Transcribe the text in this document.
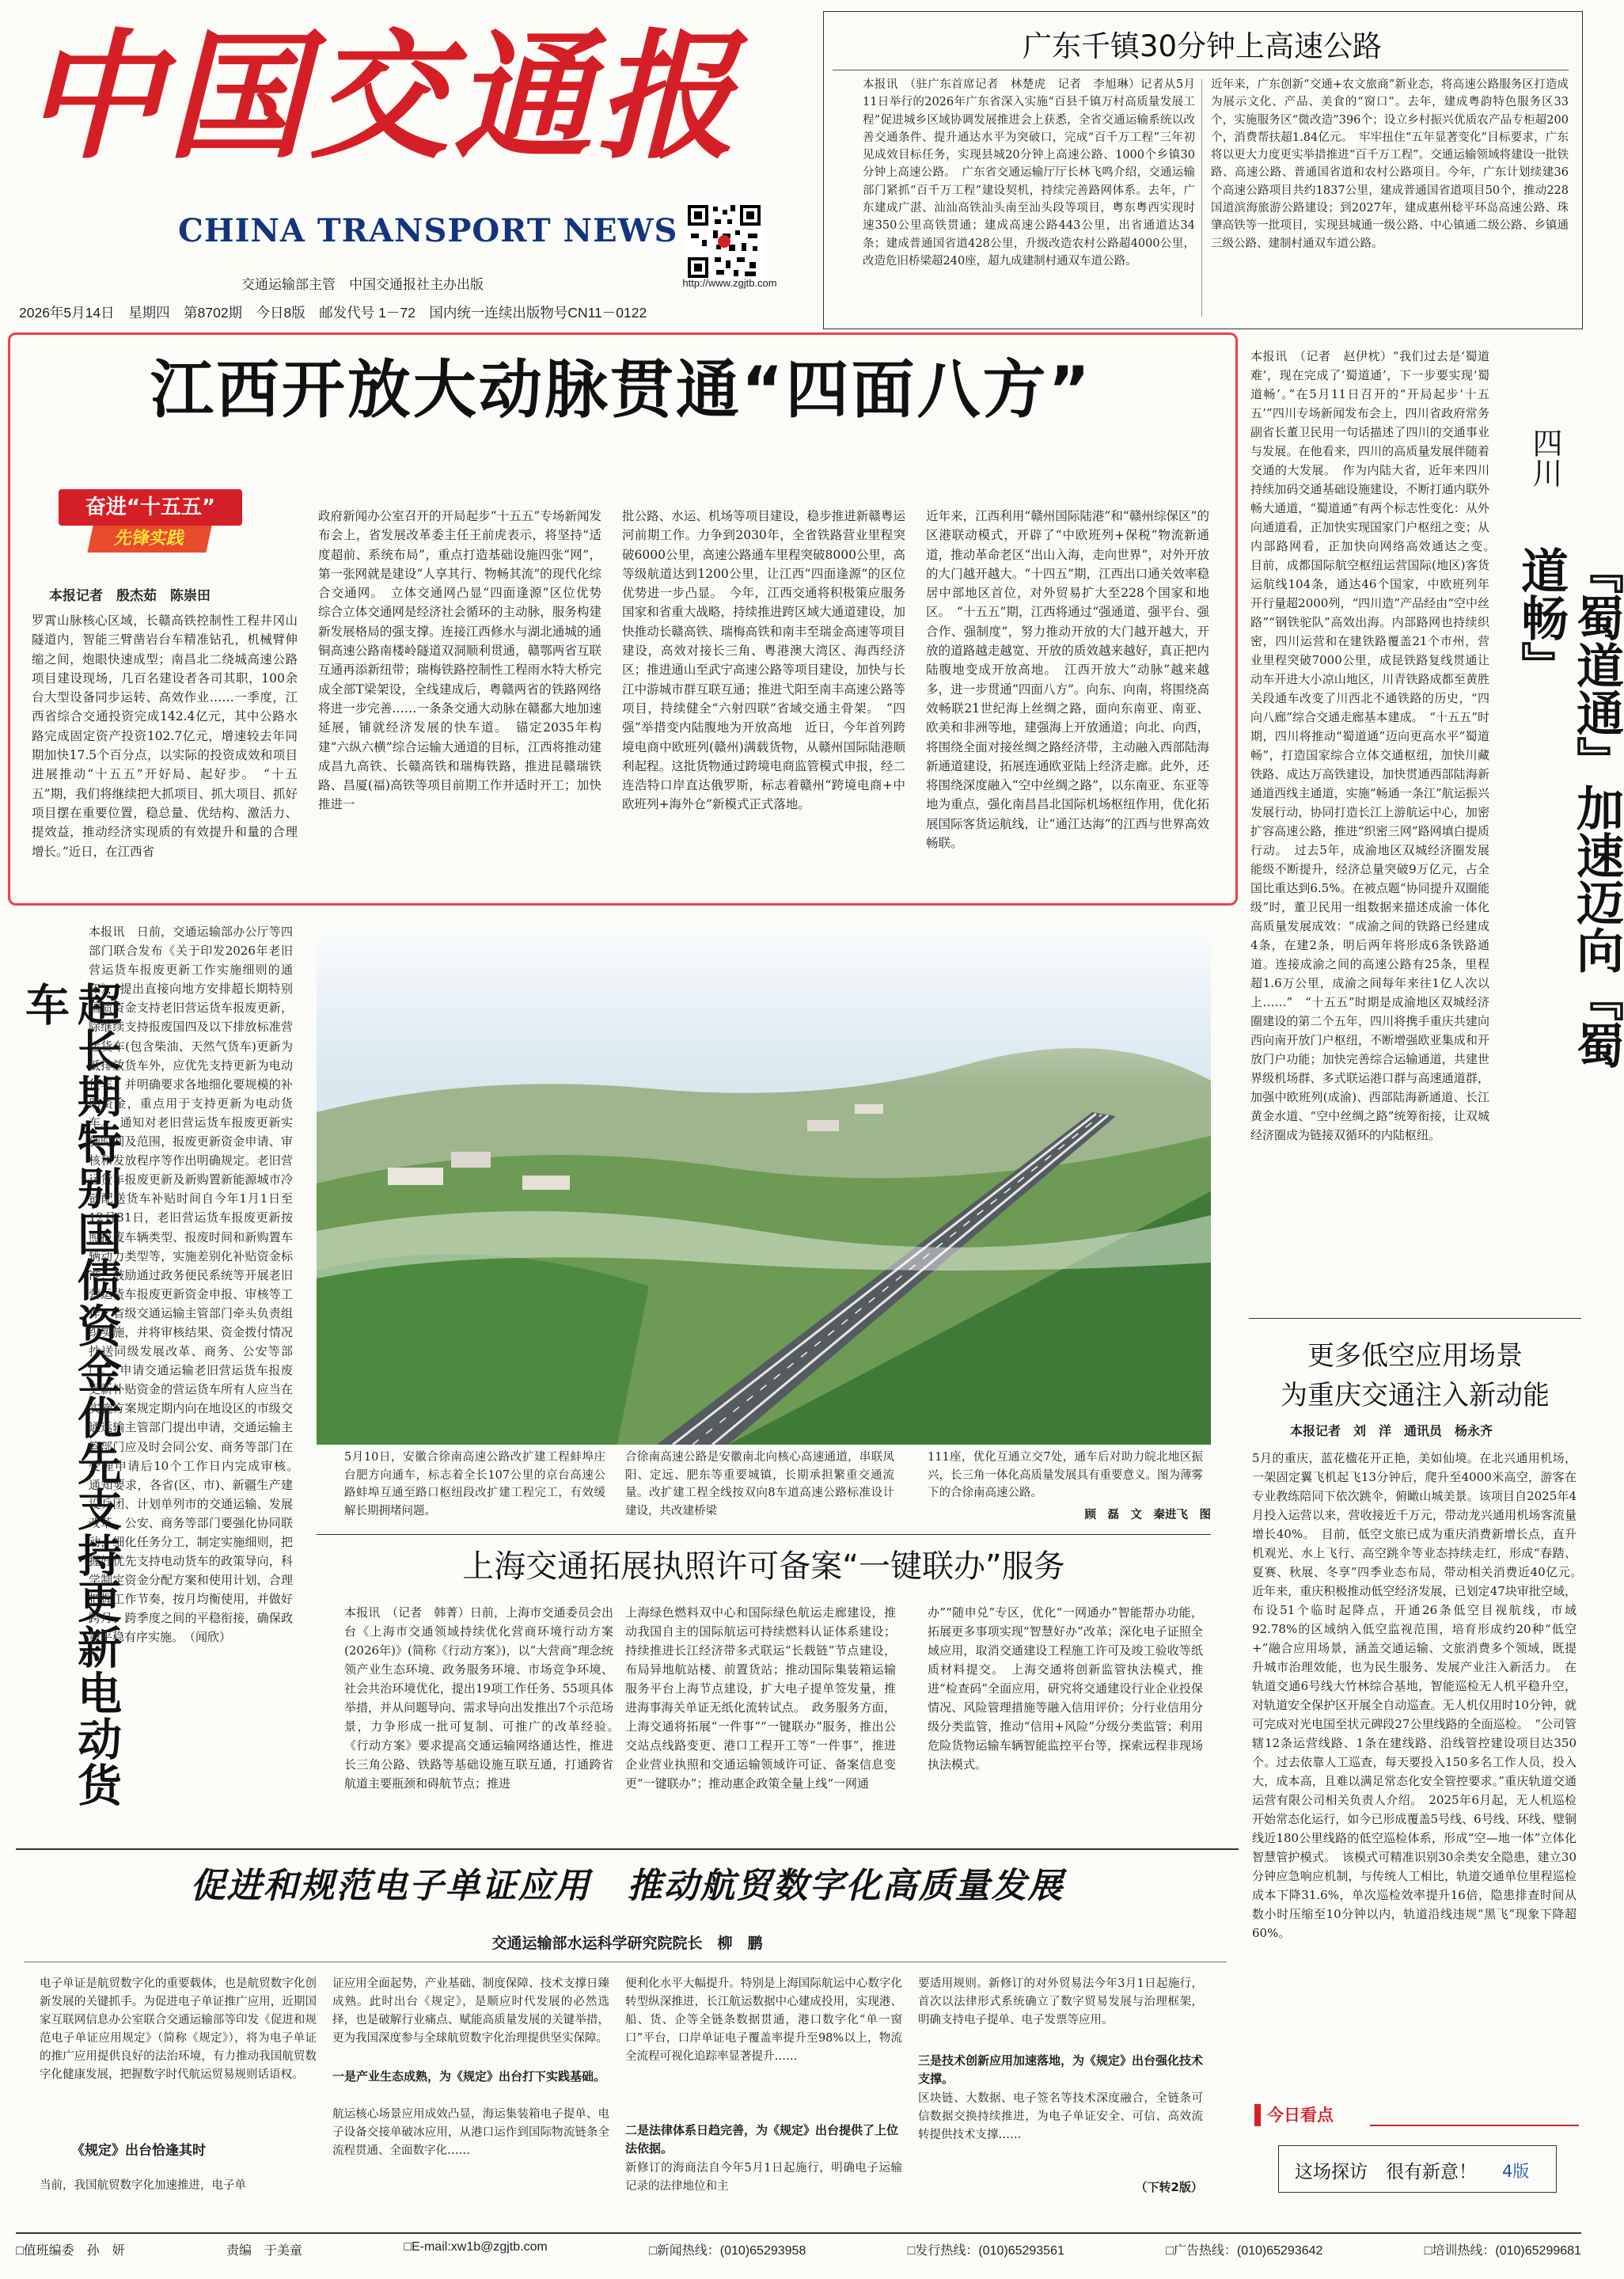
中国交通报
CHINA TRANSPORT NEWS
交通运输部主管　中国交通报社主办出版	http://www.zgjtb.com
2026年5月14日　星期四　第8702期　今日8版　邮发代号 1－72　国内统一连续出版物号CN11－0122
广东千镇30分钟上高速公路
本报讯　（驻广东首席记者　林楚虎　记者　李旭琳）记者从5月11日举行的2026年广东省深入实施“百县千镇万村高质量发展工程”促进城乡区域协调发展推进会上获悉，全省交通运输系统以改善交通条件、提升通达水平为突破口，完成“百千万工程”三年初见成效目标任务，实现县城20分钟上高速公路、1000个乡镇30分钟上高速公路。　广东省交通运输厅厅长林飞鸣介绍，交通运输部门紧抓“百千万工程”建设契机，持续完善路网体系。去年，广东建成广湛、汕汕高铁汕头南至汕头段等项目，粤东粤西实现时速350公里高铁贯通；建成高速公路443公里，出省通道达34条；建成普通国省道428公里，升级改造农村公路超4000公里，改造危旧桥梁超240座，超九成建制村通双车道公路。
近年来，广东创新“交通+农文旅商”新业态，将高速公路服务区打造成为展示文化、产品、美食的“窗口”。去年，建成粤韵特色服务区33个，实施服务区“微改造”396个；设立乡村振兴优质农产品专柜超200个，消费帮扶超1.84亿元。　牢牢扭住“五年显著变化”目标要求，广东将以更大力度更实举措推进“百千万工程”。交通运输领域将建设一批铁路、高速公路、普通国省道和农村公路项目。今年，广东计划续建36个高速公路项目共约1837公里，建成普通国省道项目50个，推动228国道滨海旅游公路建设；到2027年，建成惠州稔平环岛高速公路、珠肇高铁等一批项目，实现县城通一级公路、中心镇通二级公路、乡镇通三级公路、建制村通双车道公路。
江西开放大动脉贯通“四面八方”
奋进“十五五”
先锋实践
本报记者　殷杰茹　陈崇田
罗霄山脉核心区域，长赣高铁控制性工程井冈山隧道内，智能三臂凿岩台车精准钻孔，机械臂伸缩之间，炮眼快速成型；南昌北二绕城高速公路项目建设现场，几百名建设者各司其职，100余台大型设备同步运转、高效作业……一季度，江西省综合交通投资完成142.4亿元，其中公路水路完成固定资产投资102.7亿元，增速较去年同期加快17.5个百分点，以实际的投资成效和项目进展推动“十五五”开好局、起好步。　“十五五”期，我们将继续把大抓项目、抓大项目、抓好项目摆在重要位置，稳总量、优结构、激活力、提效益，推动经济实现质的有效提升和量的合理增长。”近日，在江西省
政府新闻办公室召开的开局起步“十五五”专场新闻发布会上，省发展改革委主任王前虎表示，将坚持“适度超前、系统布局”，重点打造基础设施四张“网”，第一张网就是建设“人享其行、物畅其流”的现代化综合交通网。　立体交通网凸显“四面逢源”区位优势　综合立体交通网是经济社会循环的主动脉，服务构建新发展格局的强支撑。连接江西修水与湖北通城的通铜高速公路南楼岭隧道双洞顺利贯通，赣鄂两省互联互通再添新纽带；瑞梅铁路控制性工程雨水特大桥完成全部T梁架设，全线建成后，粤赣两省的铁路网络将进一步完善……一条条交通大动脉在赣鄱大地加速延展，铺就经济发展的快车道。　锚定2035年构建“六纵六横”综合运输大通道的目标，江西将推动建成昌九高铁、长赣高铁和瑞梅铁路，推进昆赣瑞铁路、昌厦(福)高铁等项目前期工作并适时开工；加快推进一
批公路、水运、机场等项目建设，稳步推进新赣粤运河前期工作。力争到2030年，全省铁路营业里程突破6000公里，高速公路通车里程突破8000公里，高等级航道达到1200公里，让江西“四面逢源”的区位优势进一步凸显。　今年，江西交通将积极策应服务国家和省重大战略，持续推进跨区域大通道建设，加快推动长赣高铁、瑞梅高铁和南丰至瑞金高速等项目建设，高效对接长三角、粤港澳大湾区、海西经济区；推进通山至武宁高速公路等项目建设，加快与长江中游城市群互联互通；推进弋阳至南丰高速公路等项目，持续健全“六射四联”省域交通主骨架。　“四强”举措变内陆腹地为开放高地　近日，今年首列跨境电商中欧班列(赣州)满载货物，从赣州国际陆港顺利起程。这批货物通过跨境电商监管模式申报，经二连浩特口岸直达俄罗斯，标志着赣州“跨境电商+中欧班列+海外仓”新模式正式落地。
近年来，江西利用“赣州国际陆港”和“赣州综保区”的区港联动模式，开辟了“中欧班列+保税”物流新通道，推动革命老区“出山入海，走向世界”，对外开放的大门越开越大。“十四五”期，江西出口通关效率稳居中部地区首位，对外贸易扩大至228个国家和地区。　“十五五”期，江西将通过“强通道、强平台、强合作、强制度”，努力推动开放的大门越开越大，开放的道路越走越宽、开放的质效越来越好，真正把内陆腹地变成开放高地。　江西开放大“动脉”越来越多，进一步贯通“四面八方”。向东、向南，将围绕高效畅联21世纪海上丝绸之路，面向东南亚、南亚、欧美和非洲等地，建强海上开放通道；向北、向西，将围绕全面对接丝绸之路经济带，主动融入西部陆海新通道建设，拓展连通欧亚陆上经济走廊。此外，还将围绕深度融入“空中丝绸之路”，以东南亚、东亚等地为重点，强化南昌昌北国际机场枢纽作用，优化拓展国际客货运航线，让“通江达海”的江西与世界高效畅联。
本报讯　（记者　赵伊枕）“我们过去是‘蜀道难’，现在完成了‘蜀道通’，下一步要实现‘蜀道畅’。”在5月11日召开的“开局起步‘十五五’”四川专场新闻发布会上，四川省政府常务副省长董卫民用一句话描述了四川的交通事业与发展。在他看来，四川的高质量发展伴随着交通的大发展。　作为内陆大省，近年来四川持续加码交通基础设施建设，不断打通内联外畅大通道，“蜀道通”有两个标志性变化：从外向通道看，正加快实现国家门户枢纽之变；从内部路网看，正加快向网络高效通达之变。　目前，成都国际航空枢纽运营国际(地区)客货运航线104条，通达46个国家，中欧班列年开行量超2000列，“四川造”产品经由“空中丝路”“钢铁驼队”高效出海。内部路网也持续织密，四川运营和在建铁路覆盖21个市州，营业里程突破7000公里，成昆铁路复线贯通让动车开进大小凉山地区，川青铁路成都至黄胜关段通车改变了川西北不通铁路的历史，“四向八廊”综合交通走廊基本建成。　“十五五”时期，四川将推动“蜀道通”迈向更高水平“蜀道畅”，打造国家综合立体交通枢纽，加快川藏铁路、成达万高铁建设，加快贯通西部陆海新通道西线主通道，实施“畅通一条江”航运振兴发展行动，协同打造长江上游航运中心，加密扩容高速公路，推进“织密三网”路网填白提质行动。　过去5年，成渝地区双城经济圈发展能级不断提升，经济总量突破9万亿元，占全国比重达到6.5%。在被点题“协同提升双圈能级”时，董卫民用一组数据来描述成渝一体化高质量发展成效：“成渝之间的铁路已经建成4条，在建2条，明后两年将形成6条铁路通道。连接成渝之间的高速公路有25条，里程超1.6万公里，成渝之间每年来往1亿人次以上……”　“十五五”时期是成渝地区双城经济圈建设的第二个五年，四川将携手重庆共建向西向南开放门户枢纽，不断增强欧亚集成和开放门户功能；加快完善综合运输通道，共建世界级机场群、多式联运港口群与高速通道群，加强中欧班列(成渝)、西部陆海新通道、长江黄金水道、“空中丝绸之路”统筹衔接，让双城经济圈成为链接双循环的内陆枢纽。
四川
『蜀道通』加速迈向『蜀道畅』
更多低空应用场景
为重庆交通注入新动能
本报记者　刘　洋　通讯员　杨永齐
5月的重庆，蓝花楹花开正艳，美如仙境。在北兴通用机场，一架固定翼飞机起飞13分钟后，爬升至4000米高空，游客在专业教练陪同下依次跳伞，俯瞰山城美景。该项目自2025年4月投入运营以来，营收接近千万元，带动龙兴通用机场客流量增长40%。　目前，低空文旅已成为重庆消费新增长点，直升机观光、水上飞行、高空跳伞等业态持续走红，形成“春踏、夏赛、秋展、冬享”四季业态布局，带动相关消费近40亿元。　近年来，重庆积极推动低空经济发展，已划定47块审批空域，布设51个临时起降点，开通26条低空目视航线，市域92.78%的区域纳入低空监视范围，培育形成约20种“低空+”融合应用场景，涵盖交通运输、文旅消费多个领域，既提升城市治理效能，也为民生服务、发展产业注入新活力。　在轨道交通6号线大竹林综合基地，智能巡检无人机平稳升空，对轨道安全保护区开展全自动巡查。无人机仅用时10分钟，就可完成对光电国至状元碑段27公里线路的全面巡检。　“公司管辖12条运营线路、1条在建线路、沿线管控建设项目达350个。过去依靠人工巡查，每天要投入150多名工作人员，投入大，成本高，且难以满足常态化安全管控要求。”重庆轨道交通运营有限公司相关负责人介绍。　2025年6月起，无人机巡检开始常态化运行，如今已形成覆盖5号线、6号线、环线、璧铜线近180公里线路的低空巡检体系，形成“空—地一体”立体化智慧管护模式。　该模式可精准识别30余类安全隐患，建立30分钟应急响应机制，与传统人工相比，轨道交通单位里程巡检成本下降31.6%，单次巡检效率提升16倍，隐患排查时间从数小时压缩至10分钟以内，轨道沿线违规“黑飞”现象下降超60%。
今日看点
这场探访　很有新意！ 4版
超长期特别国债资金优先支持更新电动货车
本报讯　日前，交通运输部办公厅等四部门联合发布《关于印发2026年老旧营运货车报废更新工作实施细则的通知》，提出直接向地方安排超长期特别国债资金支持老旧营运货车报废更新，除继续支持报废国四及以下排放标准营运货车(包含柴油、天然气货车)更新为低排放货车外，应优先支持更新为电动货车，并明确要求各地细化要规模的补助资金，重点用于支持更新为电动货车。　通知对老旧营运货车报废更新实施时间及范围，报废更新资金申请、审核和发放程序等作出明确规定。老旧营运货车报废更新及新购置新能源城市冷链配送货车补贴时间自今年1月1日至12月31日，老旧营运货车报废更新按照报废车辆类型、报废时间和新购置车辆动力类型等，实施差别化补贴资金标准；鼓励通过政务便民系统等开展老旧营运货车报废更新资金申报、审核等工作，省级交通运输主管部门牵头负责组织实施，并将审核结果、资金拨付情况抄送同级发展改革、商务、公安等部门。　申请交通运输老旧营运货车报废更新补贴资金的营运货车所有人应当在实施方案规定期内向在地设区的市级交通运输主管部门提出申请，交通运输主管部门应及时会同公安、商务等部门在受理申请后10个工作日内完成审核。　通知要求，各省(区、市)、新疆生产建设兵团、计划单列市的交通运输、发展改革、公安、商务等部门要强化协同联动，细化任务分工，制定实施细则，把握好优先支持电动货车的政策导向，科学制定资金分配方案和使用计划，合理把握工作节奏，按月均衡使用，并做好跨月、跨季度之间的平稳衔接，确保政策平稳有序实施。　（闻欣）
5月10日，安徽合徐南高速公路改扩建工程蚌埠庄台肥方向通车，标志着全长107公里的京台高速公路蚌埠互通至路口枢纽段改扩建工程完工，有效缓解长期拥堵问题。
合徐南高速公路是安徽南北向核心高速通道，串联凤阳、定远、肥东等重要城镇，长期承担繁重交通流量。改扩建工程全线按双向8车道高速公路标准设计建设，共改建桥梁
111座，优化互通立交7处，通车后对助力皖北地区振兴，长三角一体化高质量发展具有重要意义。图为薄雾下的合徐南高速公路。
顾　磊　文　秦进飞　图
上海交通拓展执照许可备案“一键联办”服务
本报讯　（记者　韩菁）日前，上海市交通委员会出台《上海市交通领域持续优化营商环境行动方案(2026年)》(简称《行动方案》)，以“大营商”理念统领产业生态环境、政务服务环境、市场竞争环境、社会共治环境优化，提出19项工作任务、55项具体举措，并从问题导向、需求导向出发推出7个示范场景，力争形成一批可复制、可推广的改革经验。　《行动方案》要求提高交通运输网络通达性，推进长三角公路、铁路等基础设施互联互通，打通跨省航道主要瓶颈和碍航节点；推进
上海绿色燃料双中心和国际绿色航运走廊建设，推动我国自主的国际航运可持续燃料认证体系建设；持续推进长江经济带多式联运“长载链”节点建设，布局异地航站楼、前置货站；推动国际集装箱运输服务平台上海节点建设，扩大电子提单签发量，推进海事海关单证无纸化流转试点。　政务服务方面，上海交通将拓展“一件事”“一键联办”服务，推出公交站点线路变更、港口工程开工等“一件事”，推进企业营业执照和交通运输领域许可证、备案信息变更“一键联办”；推动惠企政策全量上线“一网通
办”“随申兑”专区，优化“一网通办”智能帮办功能，拓展更多事项实现“智慧好办”改革；深化电子证照全域应用，取消交通建设工程施工许可及竣工验收等纸质材料提交。　上海交通将创新监管执法模式，推进“检查码”全面应用，研究将交通建设行业企业投保情况、风险管理措施等融入信用评价；分行业信用分级分类监管，推动“信用+风险”分级分类监管；利用危险货物运输车辆智能监控平台等，探索远程非现场执法模式。
促进和规范电子单证应用　推动航贸数字化高质量发展
交通运输部水运科学研究院院长　柳　鹏
电子单证是航贸数字化的重要载体，也是航贸数字化创新发展的关键抓手。为促进电子单证推广应用，近期国家互联网信息办公室联合交通运输部等印发《促进和规范电子单证应用规定》（简称《规定》），将为电子单证的推广应用提供良好的法治环境，有力推动我国航贸数字化健康发展，把握数字时代航运贸易规则话语权。
《规定》出台恰逢其时
当前，我国航贸数字化加速推进，电子单
证应用全面起势，产业基础、制度保障、技术支撑日臻成熟。此时出台《规定》，是顺应时代发展的必然选择，也是破解行业痛点、赋能高质量发展的关键举措，更为我国深度参与全球航贸数字化治理提供坚实保障。
一是产业生态成熟，为《规定》出台打下实践基础。
航运核心场景应用成效凸显，海运集装箱电子提单、电子设备交接单破冰应用，从港口运作到国际物流链条全流程贯通、全面数字化……
便利化水平大幅提升。特别是上海国际航运中心数字化转型纵深推进，长江航运数据中心建成投用，实现港、船、货、企等全链条数据贯通，港口数字化“单一窗口”平台，口岸单证电子覆盖率提升至98%以上，物流全流程可视化追踪率显著提升……
二是法律体系日趋完善，为《规定》出台提供了上位法依据。
新修订的海商法自今年5月1日起施行，明确电子运输记录的法律地位和主
要适用规则。新修订的对外贸易法今年3月1日起施行，首次以法律形式系统确立了数字贸易发展与治理框架，明确支持电子提单、电子发票等应用。
三是技术创新应用加速落地，为《规定》出台强化技术支撑。
区块链、大数据、电子签名等技术深度融合，全链条可信数据交换持续推进，为电子单证安全、可信、高效流转提供技术支撑……
（下转2版）
□值班编委　孙　妍	责编　于美童	□E-mail:xw1b@zgjtb.com	□新闻热线：(010)65293958	□发行热线：(010)65293561	□广告热线：(010)65293642	□培训热线：(010)65299681
